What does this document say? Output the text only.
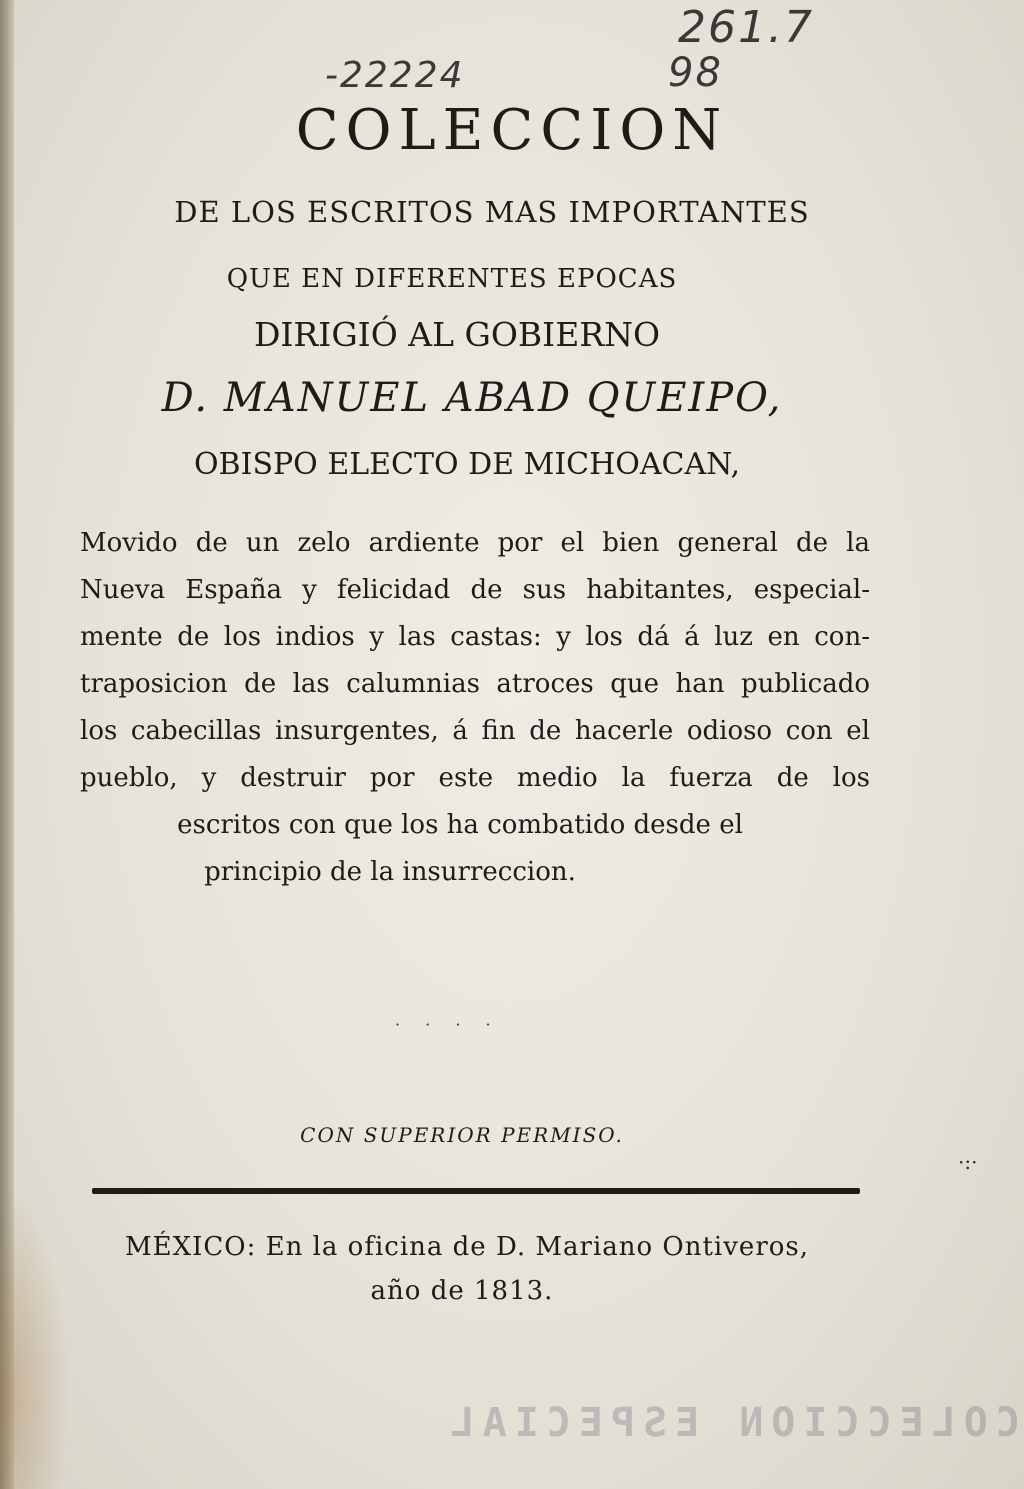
-22224
261.7
98
COLECCION
DE LOS ESCRITOS MAS IMPORTANTES
QUE EN DIFERENTES EPOCAS
DIRIGIÓ AL GOBIERNO
D. MANUEL ABAD QUEIPO,
OBISPO ELECTO DE MICHOACAN,
Movido de un zelo ardiente por el bien general de la
Nueva España y felicidad de sus habitantes, especial-
mente de los indios y las castas: y los dá á luz en con-
traposicion de las calumnias atroces que han publicado
los cabecillas insurgentes, á fin de hacerle odioso con el
pueblo, y destruir por este medio la fuerza de los
escritos con que los ha combatido desde el
principio de la insurreccion.
· · · ·
CON SUPERIOR PERMISO.
MÉXICO: En la oficina de D. Mariano Ontiveros,
año de 1813.
·:·
COLECCION ESPECIAL
